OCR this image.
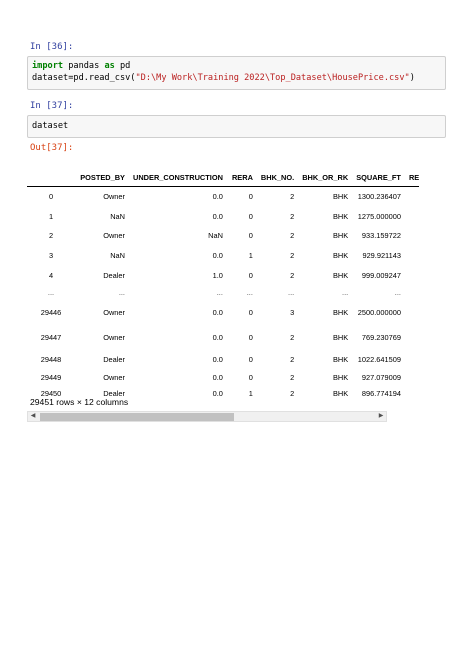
In [36]:
import pandas as pd
dataset=pd.read_csv("D:\My Work\Training 2022\Top_Dataset\HousePrice.csv")
In [37]:
dataset
Out[37]:
	POSTED_BY	UNDER_CONSTRUCTION	RERA	BHK_NO.	BHK_OR_RK	SQUARE_FT	RE
0	Owner	0.0	0	2	BHK	1300.236407	
1	NaN	0.0	0	2	BHK	1275.000000	
2	Owner	NaN	0	2	BHK	933.159722	
3	NaN	0.0	1	2	BHK	929.921143	
4	Dealer	1.0	0	2	BHK	999.009247	
...	...	...	...	...	...	...	
29446	Owner	0.0	0	3	BHK	2500.000000	
29447	Owner	0.0	0	2	BHK	769.230769	
29448	Dealer	0.0	0	2	BHK	1022.641509	
29449	Owner	0.0	0	2	BHK	927.079009	
29450	Dealer	0.0	1	2	BHK	896.774194	
29451 rows × 12 columns
◀	▶
